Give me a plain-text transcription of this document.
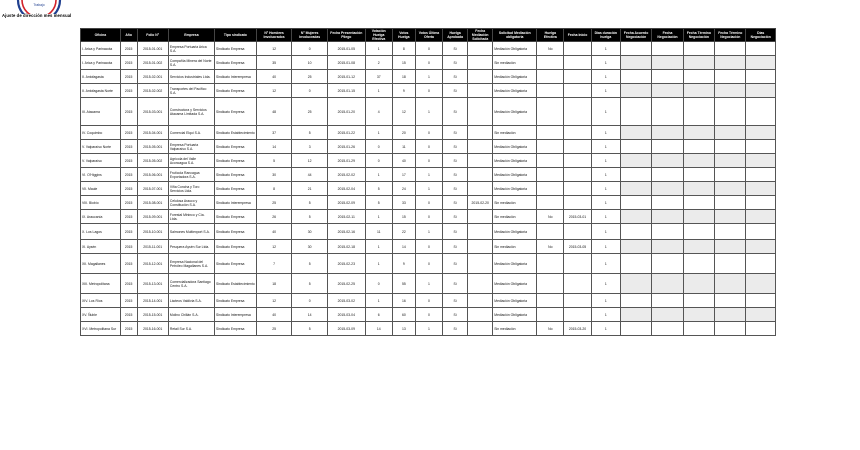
Trabajo
Ajuste de dirección mes mensual
Oficina	Año	Folio N°	Empresa	Tipo sindicato	N° Hombres Involucrados	N° Mujeres Involucradas	Fecha Presentación Pliego	Votación Huelga Efectiva	Votos Huelga	Votos Última Oferta	Huelga Aprobada	Fecha Mediación Solicitada	Solicitud Mediación obligatoria	Huelga Efectiva	Fecha Inicio	Días duración huelga	Fecha Acuerdo Negociación	Fecha Negociación	Fecha Término Negociación	Fecha Término Negociación	Días Negociación
I. Arica y Parinacota	2015	2015-01-001	Empresa Portuaria Arica S.A.	Sindicato Empresa	12	0	2015-01-05	1	8	0	Sí		Mediación Obligatoria	No		1					
I. Arica y Parinacota	2015	2015-01-002	Compañía Minera del Norte S.A.	Sindicato Empresa	35	10	2015-01-08	2	15	0	Sí		Sin mediación			1					
II. Antofagasta	2015	2015-02-001	Servicios Industriales Ltda.	Sindicato Interempresa	40	25	2015-01-12	37	18	1	Sí		Mediación Obligatoria			1					
II. Antofagasta Norte	2015	2015-02-002	Transportes del Pacífico S.A.	Sindicato Empresa	12	0	2015-01-15	1	9	0	Sí		Mediación Obligatoria			1					
III. Atacama	2015	2015-03-001	Constructora y Servicios Atacama Limitada S.A.	Sindicato Empresa	48	25	2015-01-20	4	12	1	Sí		Mediación Obligatoria			1					
IV. Coquimbo	2015	2015-04-001	Comercial Elqui S.A.	Sindicato Establecimiento	37	5	2015-01-22	1	20	0	Sí		Sin mediación			1					
V. Valparaíso Norte	2015	2015-05-001	Empresa Portuaria Valparaíso S.A.	Sindicato Empresa	14	3	2015-01-26	0	11	0	Sí		Mediación Obligatoria			1					
V. Valparaíso	2015	2015-05-002	Agrícola del Valle Aconcagua S.A.	Sindicato Empresa	5	12	2015-01-29	0	40	0	Sí		Mediación Obligatoria			1					
VI. O'Higgins	2015	2015-06-001	Frutícola Rancagua Exportadora S.A.	Sindicato Empresa	30	44	2015-02-02	1	17	1	Sí		Mediación Obligatoria			1					
VII. Maule	2015	2015-07-001	Viña Concha y Toro Servicios Ltda.	Sindicato Empresa	8	21	2015-02-04	5	24	1	Sí		Mediación Obligatoria			1					
VIII. Biobío	2015	2015-08-001	Celulosa Arauco y Constitución S.A.	Sindicato Interempresa	25	5	2015-02-09	5	33	0	Sí	2015-02-20	Sin mediación			1					
IX. Araucanía	2015	2015-09-001	Forestal Mininco y Cía. Ltda.	Sindicato Empresa	26	5	2015-02-11	1	15	0	Sí		Sin mediación	No	2015-03-01	1					
X. Los Lagos	2015	2015-10-001	Salmones Multiexport S.A.	Sindicato Empresa	40	30	2015-02-16	11	22	1	Sí		Mediación Obligatoria			1					
XI. Aysén	2015	2015-11-001	Pesquera Aysén Sur Ltda.	Sindicato Empresa	12	30	2015-02-18	1	14	0	Sí		Sin mediación	No	2015-03-05	1					
XII. Magallanes	2015	2015-12-001	Empresa Nacional del Petróleo Magallanes S.A.	Sindicato Empresa	7	5	2015-02-23	1	9	0	Sí		Mediación Obligatoria			1					
XIII. Metropolitana	2015	2015-13-001	Comercializadora Santiago Centro S.A.	Sindicato Establecimiento	18	5	2015-02-25	0	55	1	Sí		Mediación Obligatoria			1					
XIV. Los Ríos	2015	2015-14-001	Lácteos Valdivia S.A.	Sindicato Empresa	12	0	2015-03-02	1	16	0	Sí		Mediación Obligatoria			1					
XV. Ñuble	2015	2015-15-001	Molino Chillán S.A.	Sindicato Interempresa	40	14	2015-03-04	6	60	0	Sí		Mediación Obligatoria			1					
XVI. Metropolitana Sur	2015	2015-16-001	Retail Sur S.A.	Sindicato Empresa	25	5	2015-03-09	14	13	1	Sí		Sin mediación	No	2015-03-20	1					
